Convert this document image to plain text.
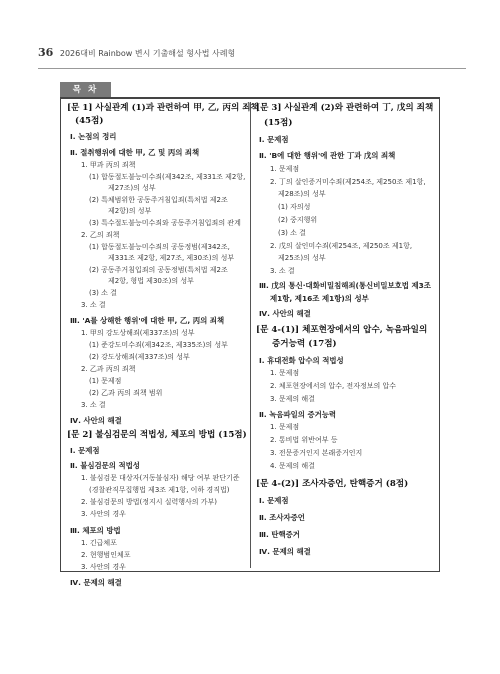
36 2026대비 Rainbow 변시 기출해설 형사법 사례형
목 차
[문 1] 사실관계 (1)과 관련하여 甲, 乙, 丙의 죄책
(45점)
Ⅰ. 논점의 정리
Ⅱ. 절취행위에 대한 甲, 乙 및 丙의 죄책
1. 甲과 丙의 죄책
(1) 합동절도불능미수죄(제342조, 제331조 제2항,
제27조)의 성부
(2) 특체범위한 공동주거침입죄(특처법 제2조
제2항)의 성부
(3) 특수절도불능미수죄와 공동주거침입죄의 관계
2. 乙의 죄책
(1) 합동절도불능미수죄의 공동정범(제342조,
제331조 제2항, 제27조, 제30조)의 성부
(2) 공동주거침입죄의 공동정범(특처법 제2조
제2항, 형법 제30조)의 성부
(3) 소 결
3. 소 결
Ⅲ. 'A를 상해한 행위'에 대한 甲, 乙, 丙의 죄책
1. 甲의 강도상해죄(제337조)의 성부
(1) 준강도미수죄(제342조, 제335조)의 성부
(2) 강도상해죄(제337조)의 성부
2. 乙과 丙의 죄책
(1) 문제점
(2) 乙과 丙의 죄책 범위
3. 소 결
Ⅳ. 사안의 해결
[문 2] 불심검문의 적법성, 체포의 방법 (15점)
Ⅰ. 문제점
Ⅱ. 불심검문의 적법성
1. 불심검문 대상자(거동불심자) 해당 여부 판단기준
(경찰관직무집행법 제3조 제1항, 이하 경직법)
2. 불심검문의 방법(정지시 실력행사의 가부)
3. 사안의 경우
Ⅲ. 체포의 방법
1. 긴급체포
2. 현행범인체포
3. 사안의 경우
Ⅳ. 문제의 해결
[문 3] 사실관계 (2)와 관련하여 丁, 戊의 죄책
(15점)
Ⅰ. 문제점
Ⅱ. 'B에 대한 행위'에 관한 丁과 戊의 죄책
1. 문제점
2. 丁의 살인증거미수죄(제254조, 제250조 제1항,
제28조)의 성부
(1) 자의성
(2) 중지행위
(3) 소 결
2. 戊의 살인미수죄(제254조, 제250조 제1항,
제25조)의 성부
3. 소 결
Ⅲ. 戊의 통신·대화비밀침해죄(통신비밀보호법 제3조
제1항, 제16조 제1항)의 성부
Ⅳ. 사안의 해결
[문 4-(1)] 체포현장에서의 압수, 녹음파일의
증거능력 (17점)
Ⅰ. 휴대전화 압수의 적법성
1. 문제점
2. 체포현장에서의 압수, 전자정보의 압수
3. 문제의 해결
Ⅱ. 녹음파일의 증거능력
1. 문제점
2. 통비법 위반여부 등
3. 전문증거인지 본래증거인지
4. 문제의 해결
[문 4-(2)] 조사자증언, 탄핵증거 (8점)
Ⅰ. 문제점
Ⅱ. 조사자증언
Ⅲ. 탄핵증거
Ⅳ. 문제의 해결
